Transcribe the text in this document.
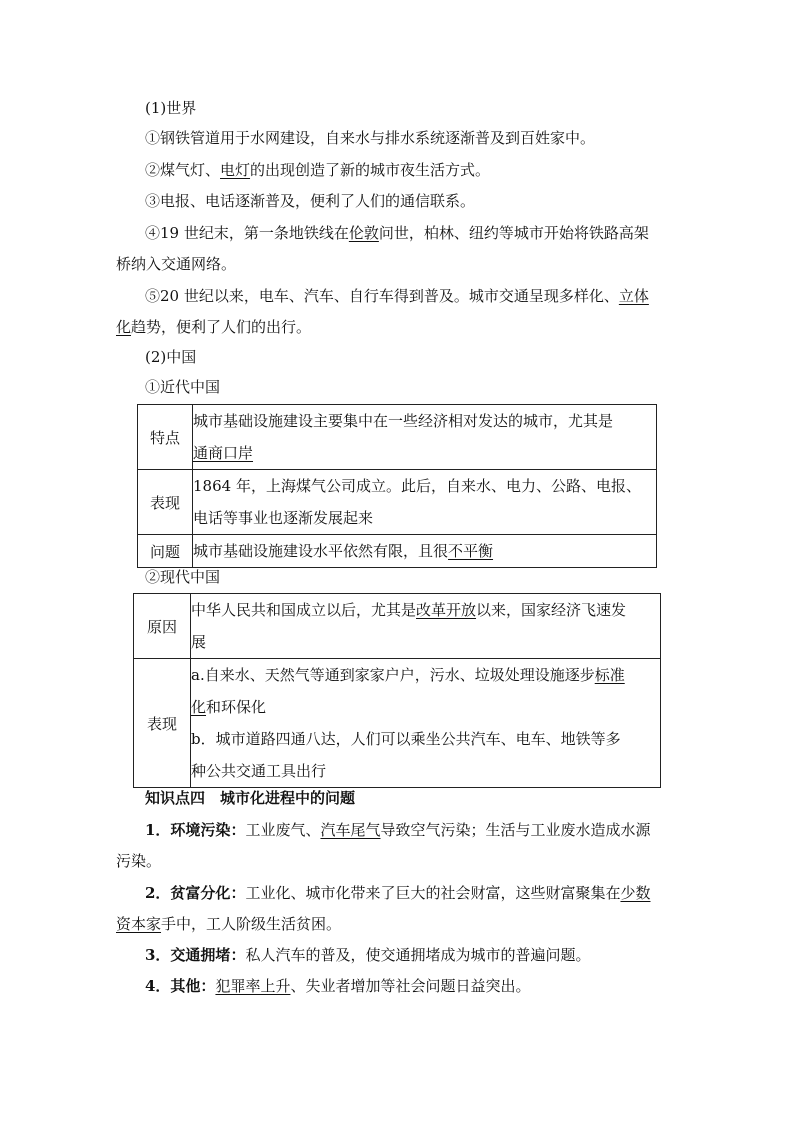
(1)世界
①钢铁管道用于水网建设，自来水与排水系统逐渐普及到百姓家中。
②煤气灯、电灯的出现创造了新的城市夜生活方式。
③电报、电话逐渐普及，便利了人们的通信联系。
④19 世纪末，第一条地铁线在伦敦问世，柏林、纽约等城市开始将铁路高架
桥纳入交通网络。
⑤20 世纪以来，电车、汽车、自行车得到普及。城市交通呈现多样化、立体
化趋势，便利了人们的出行。
(2)中国
①近代中国
特点	城市基础设施建设主要集中在一些经济相对发达的城市，尤其是
通商口岸

表现	1864 年，上海煤气公司成立。此后，自来水、电力、公路、电报、
电话等事业也逐渐发展起来

问题	城市基础设施建设水平依然有限，且很不平衡
②现代中国
原因	中华人民共和国成立以后，尤其是改革开放以来，国家经济飞速发
展

表现	a.自来水、天然气等通到家家户户，污水、垃圾处理设施逐步标准
化和环保化
b．城市道路四通八达，人们可以乘坐公共汽车、电车、地铁等多
种公共交通工具出行
知识点四　城市化进程中的问题
1．环境污染：工业废气、汽车尾气导致空气污染；生活与工业废水造成水源
污染。
2．贫富分化：工业化、城市化带来了巨大的社会财富，这些财富聚集在少数
资本家手中，工人阶级生活贫困。
3．交通拥堵：私人汽车的普及，使交通拥堵成为城市的普遍问题。
4．其他：犯罪率上升、失业者增加等社会问题日益突出。
